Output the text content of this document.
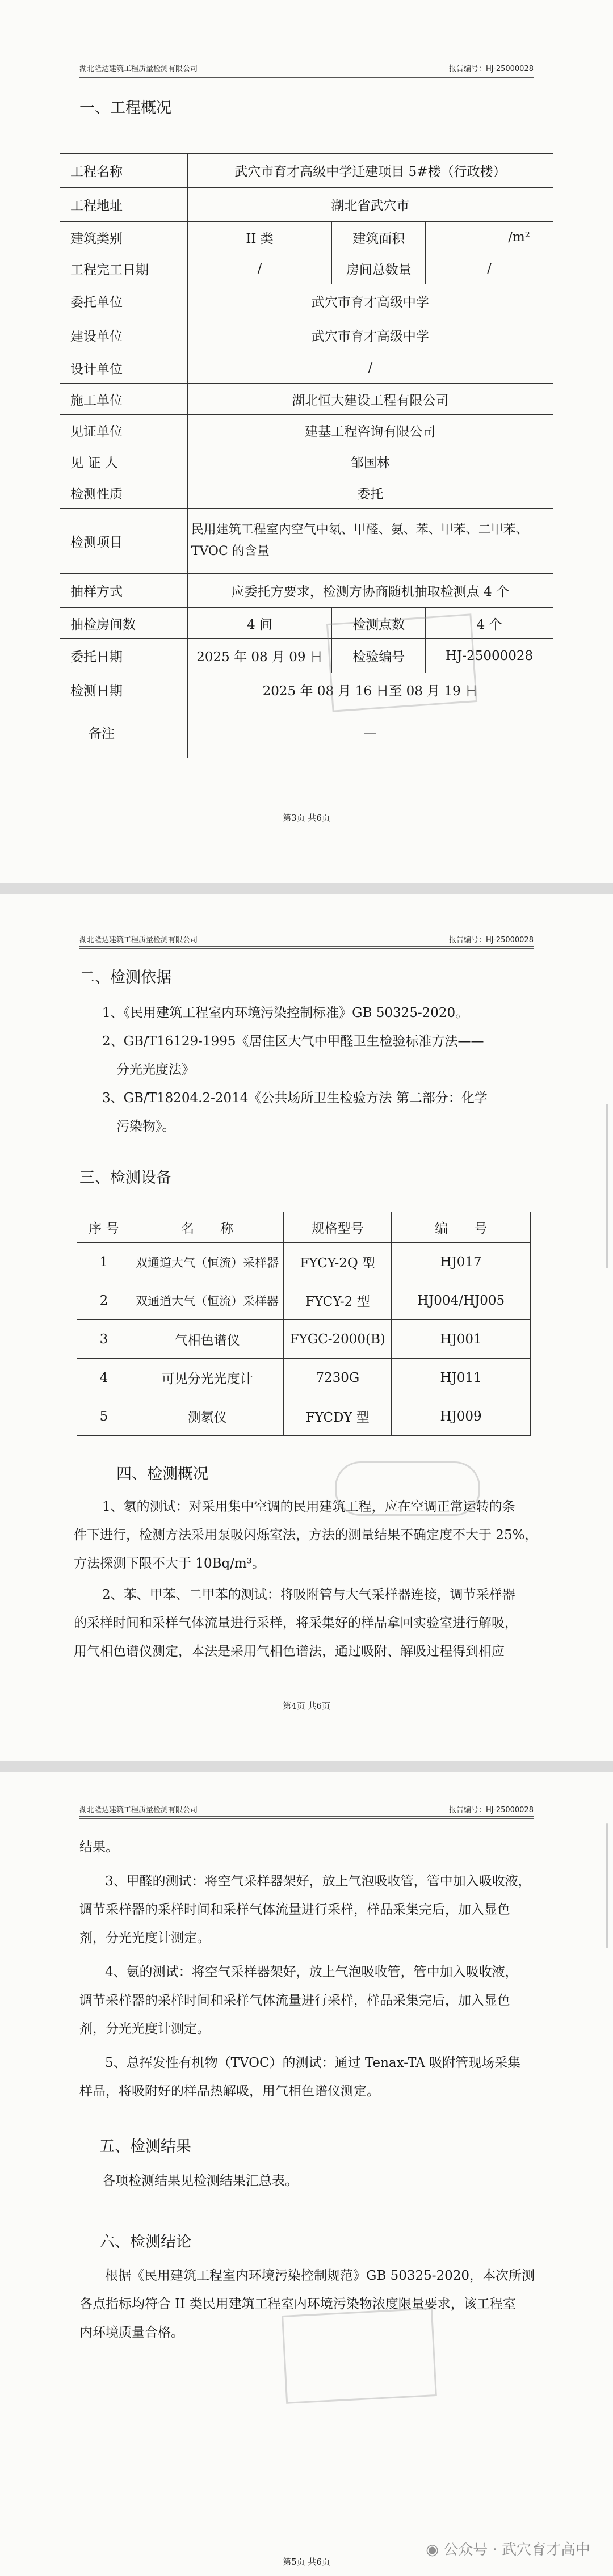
湖北隆达建筑工程质量检测有限公司	报告编号：HJ-25000028
一、工程概况
工程名称	武穴市育才高级中学迁建项目 5#楼（行政楼）		
工程地址	湖北省武穴市		
建筑类别	II 类	建筑面积	/m²
工程完工日期	/	房间总数量	/
委托单位	武穴市育才高级中学		
建设单位	武穴市育才高级中学		
设计单位	/		
施工单位	湖北恒大建设工程有限公司		
见证单位	建基工程咨询有限公司		
见 证 人	邹国林		
检测性质	委托		
检测项目	民用建筑工程室内空气中氡、甲醛、氨、苯、甲苯、二甲苯、
TVOC 的含量		
抽样方式	应委托方要求，检测方协商随机抽取检测点 4 个		
抽检房间数	4 间	检测点数	4 个
委托日期	2025 年 08 月 09 日	检验编号	HJ-25000028
检测日期	2025 年 08 月 16 日至 08 月 19 日		
备注	—		
第3页 共6页
湖北隆达建筑工程质量检测有限公司	报告编号：HJ-25000028
二、检测依据
1、《民用建筑工程室内环境污染控制标准》GB 50325-2020。
2、GB/T16129-1995《居住区大气中甲醛卫生检验标准方法——
分光光度法》
3、GB/T18204.2-2014《公共场所卫生检验方法 第二部分：化学
污染物》。
三、检测设备
序 号	名　　称	规格型号	编　　号
1	双通道大气（恒流）采样器	FYCY-2Q 型	HJ017
2	双通道大气（恒流）采样器	FYCY-2 型	HJ004/HJ005
3	气相色谱仪	FYGC-2000(B)	HJ001
4	可见分光光度计	7230G	HJ011
5	测氡仪	FYCDY 型	HJ009
四、检测概况
1、氡的测试：对采用集中空调的民用建筑工程，应在空调正常运转的条
件下进行，检测方法采用泵吸闪烁室法，方法的测量结果不确定度不大于 25%，
方法探测下限不大于 10Bq/m³。
2、苯、甲苯、二甲苯的测试：将吸附管与大气采样器连接，调节采样器
的采样时间和采样气体流量进行采样，将采集好的样品拿回实验室进行解吸，
用气相色谱仪测定，本法是采用气相色谱法，通过吸附、解吸过程得到相应
第4页 共6页
湖北隆达建筑工程质量检测有限公司	报告编号：HJ-25000028
结果。
3、甲醛的测试：将空气采样器架好，放上气泡吸收管，管中加入吸收液，
调节采样器的采样时间和采样气体流量进行采样，样品采集完后，加入显色
剂，分光光度计测定。
4、氨的测试：将空气采样器架好，放上气泡吸收管，管中加入吸收液，
调节采样器的采样时间和采样气体流量进行采样，样品采集完后，加入显色
剂，分光光度计测定。
5、总挥发性有机物（TVOC）的测试：通过 Tenax-TA 吸附管现场采集
样品，将吸附好的样品热解吸，用气相色谱仪测定。
五、检测结果
各项检测结果见检测结果汇总表。
六、检测结论
根据《民用建筑工程室内环境污染控制规范》GB 50325-2020，本次所测
各点指标均符合 II 类民用建筑工程室内环境污染物浓度限量要求，该工程室
内环境质量合格。
第5页 共6页
◉ 公众号 · 武穴育才高中
